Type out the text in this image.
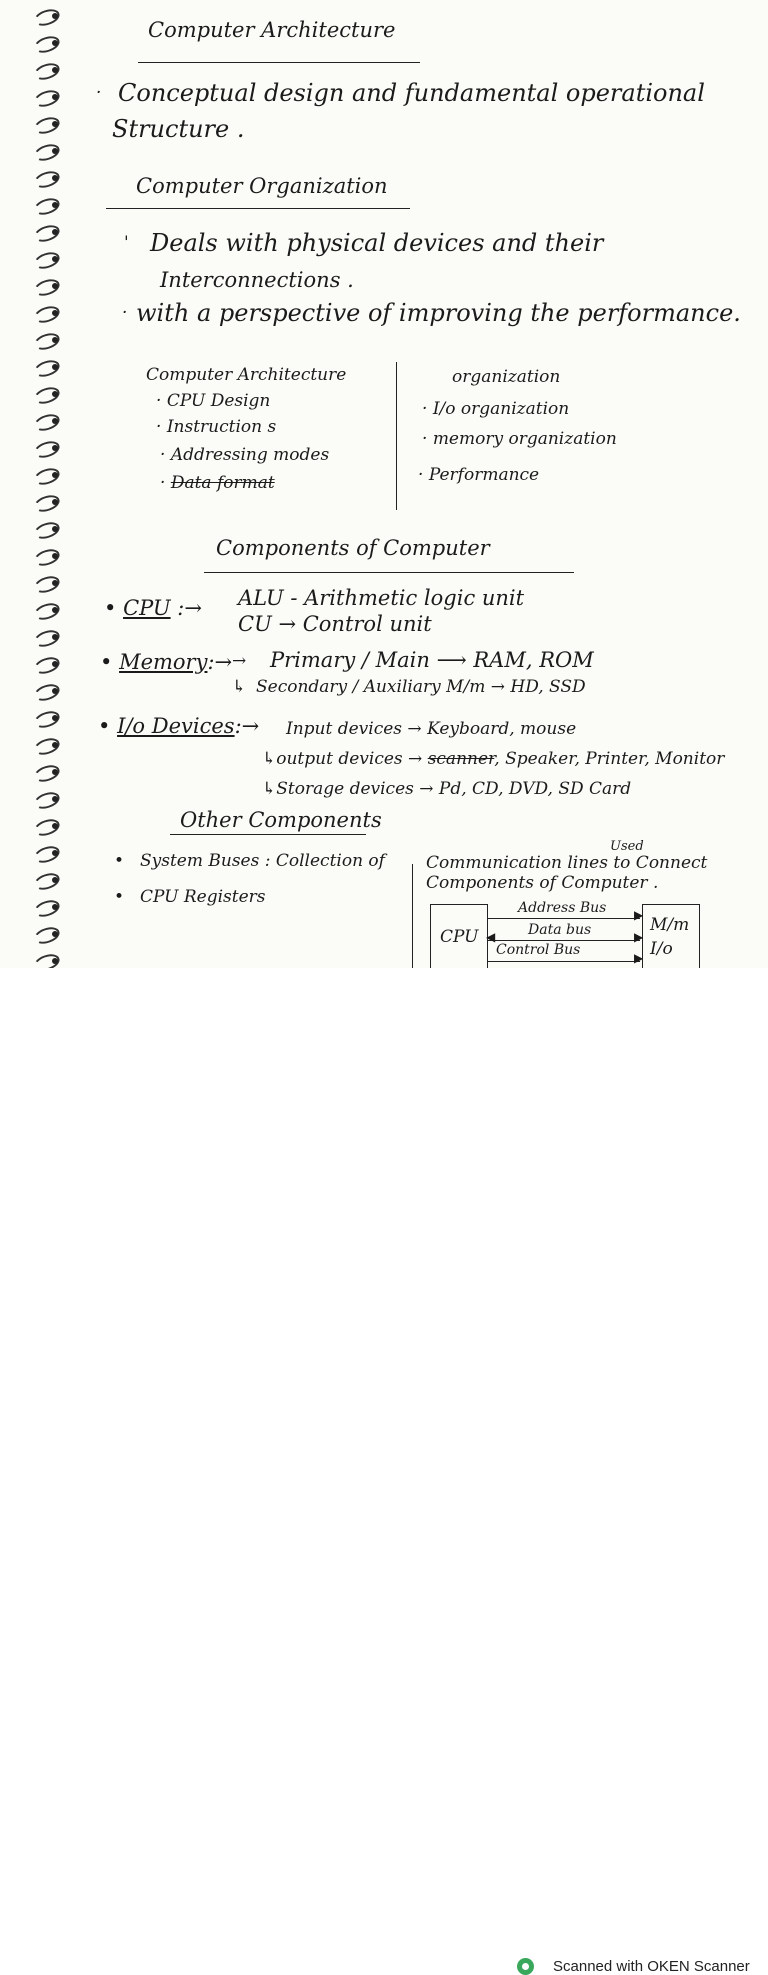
Computer Architecture
· Conceptual design and fundamental operational
Structure .
Computer Organization
' Deals with physical devices and their
Interconnections .
· with a perspective of improving the performance.
Computer Architecture
· CPU Design
· Instruction s
· Addressing modes
· Data format
organization
· I/o organization
· memory organization
· Performance
Components of Computer
• CPU :→ ALU - Arithmetic logic unit
CU → Control unit
• Memory:→ → Primary / Main ⟶ RAM, ROM
↳ Secondary / Auxiliary M/m → HD, SSD
• I/o Devices:→ Input devices → Keyboard, mouse
↳output devices → scanner, Speaker, Printer, Monitor
↳Storage devices → Pd, CD, DVD, SD Card
Other Components
• System Buses : Collection of
Used
Communication lines to Connect
Components of Computer .
• CPU Registers
CPU
M/m
I/o
Address Bus ▶
Data bus	▶
◀
Control Bus	▶
Scanned with OKEN Scanner
